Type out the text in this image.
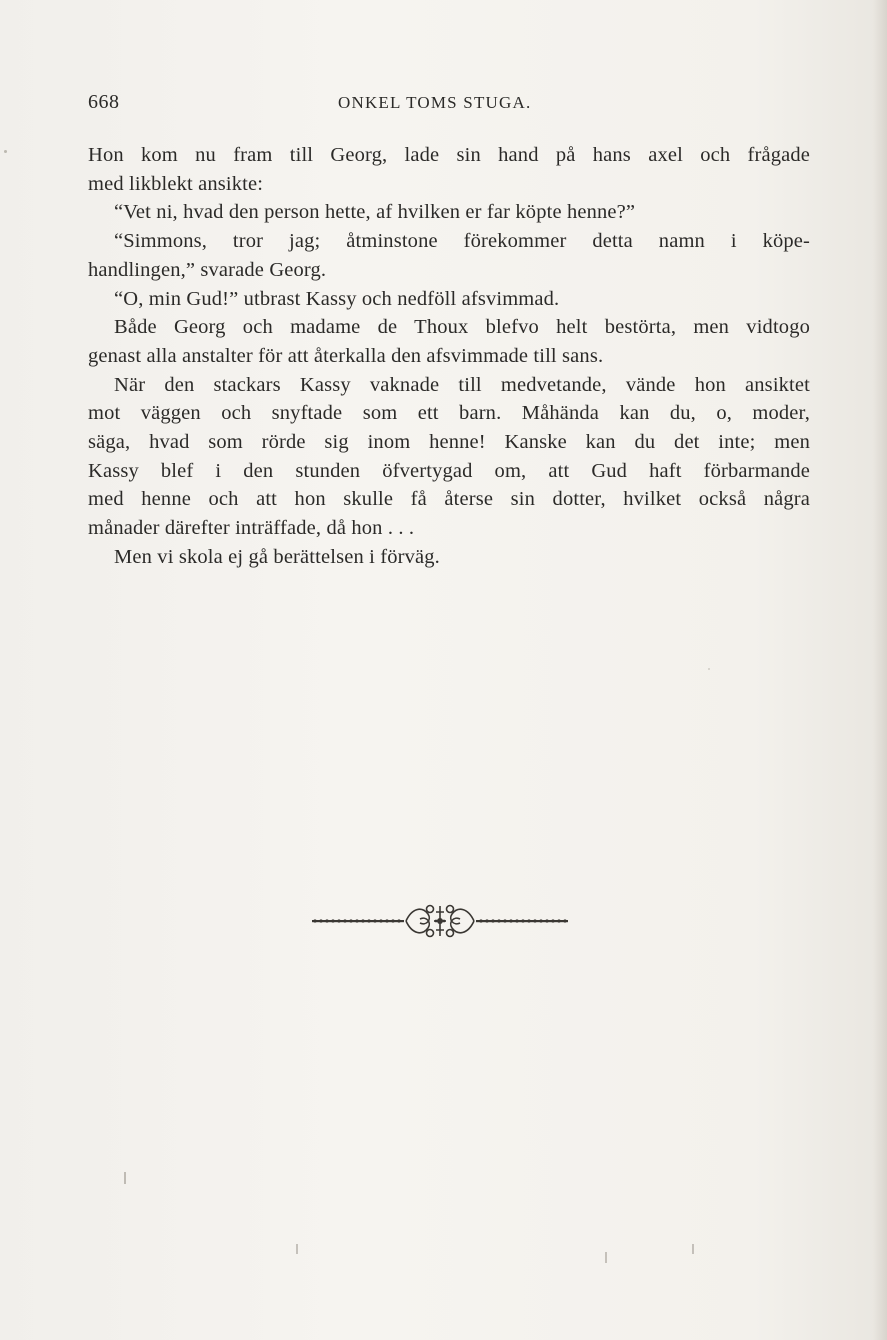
668	ONKEL TOMS STUGA.
Hon kom nu fram till Georg, lade sin hand på hans axel och frågade
med likblekt ansikte:
“Vet ni, hvad den person hette, af hvilken er far köpte henne?”
“Simmons, tror jag; åtminstone förekommer detta namn i köpe-
handlingen,” svarade Georg.
“O, min Gud!” utbrast Kassy och nedföll afsvimmad.
Både Georg och madame de Thoux blefvo helt bestörta, men vidtogo
genast alla anstalter för att återkalla den afsvimmade till sans.
När den stackars Kassy vaknade till medvetande, vände hon ansiktet
mot väggen och snyftade som ett barn. Måhända kan du, o, moder,
säga, hvad som rörde sig inom henne! Kanske kan du det inte; men
Kassy blef i den stunden öfvertygad om, att Gud haft förbarmande
med henne och att hon skulle få återse sin dotter, hvilket också några
månader därefter inträffade, då hon . . .
Men vi skola ej gå berättelsen i förväg.
